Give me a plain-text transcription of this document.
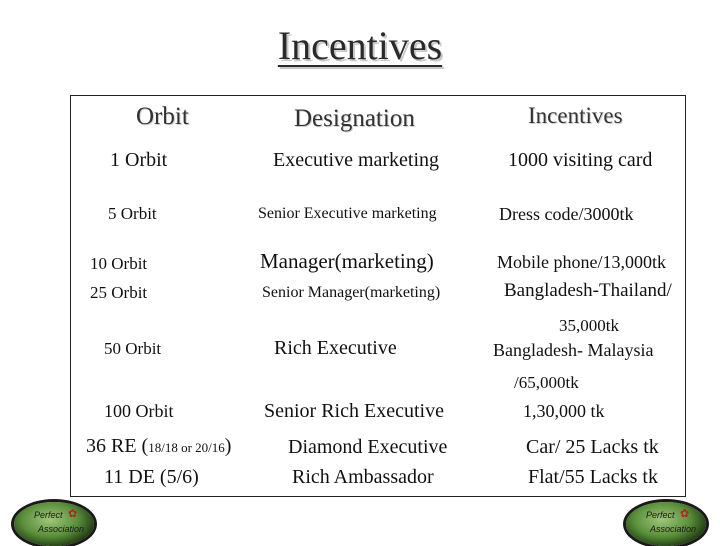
Incentives
Orbit	Designation	Incentives
1 Orbit	Executive marketing	1000 visiting card
5 Orbit	Senior Executive marketing	Dress code/3000tk
10 Orbit	Manager(marketing)	Mobile phone/13,000tk
25 Orbit	Senior Manager(marketing)	Bangladesh-Thailand/
35,000tk
50 Orbit	Rich Executive	Bangladesh- Malaysia
/65,000tk
100 Orbit	Senior Rich Executive	1,30,000 tk
36 RE (18/18 or 20/16)	Diamond Executive	Car/ 25 Lacks tk
11 DE (5/6)	Rich Ambassador	Flat/55 Lacks tk
Perfect ✿
Association
Perfect ✿
Association
